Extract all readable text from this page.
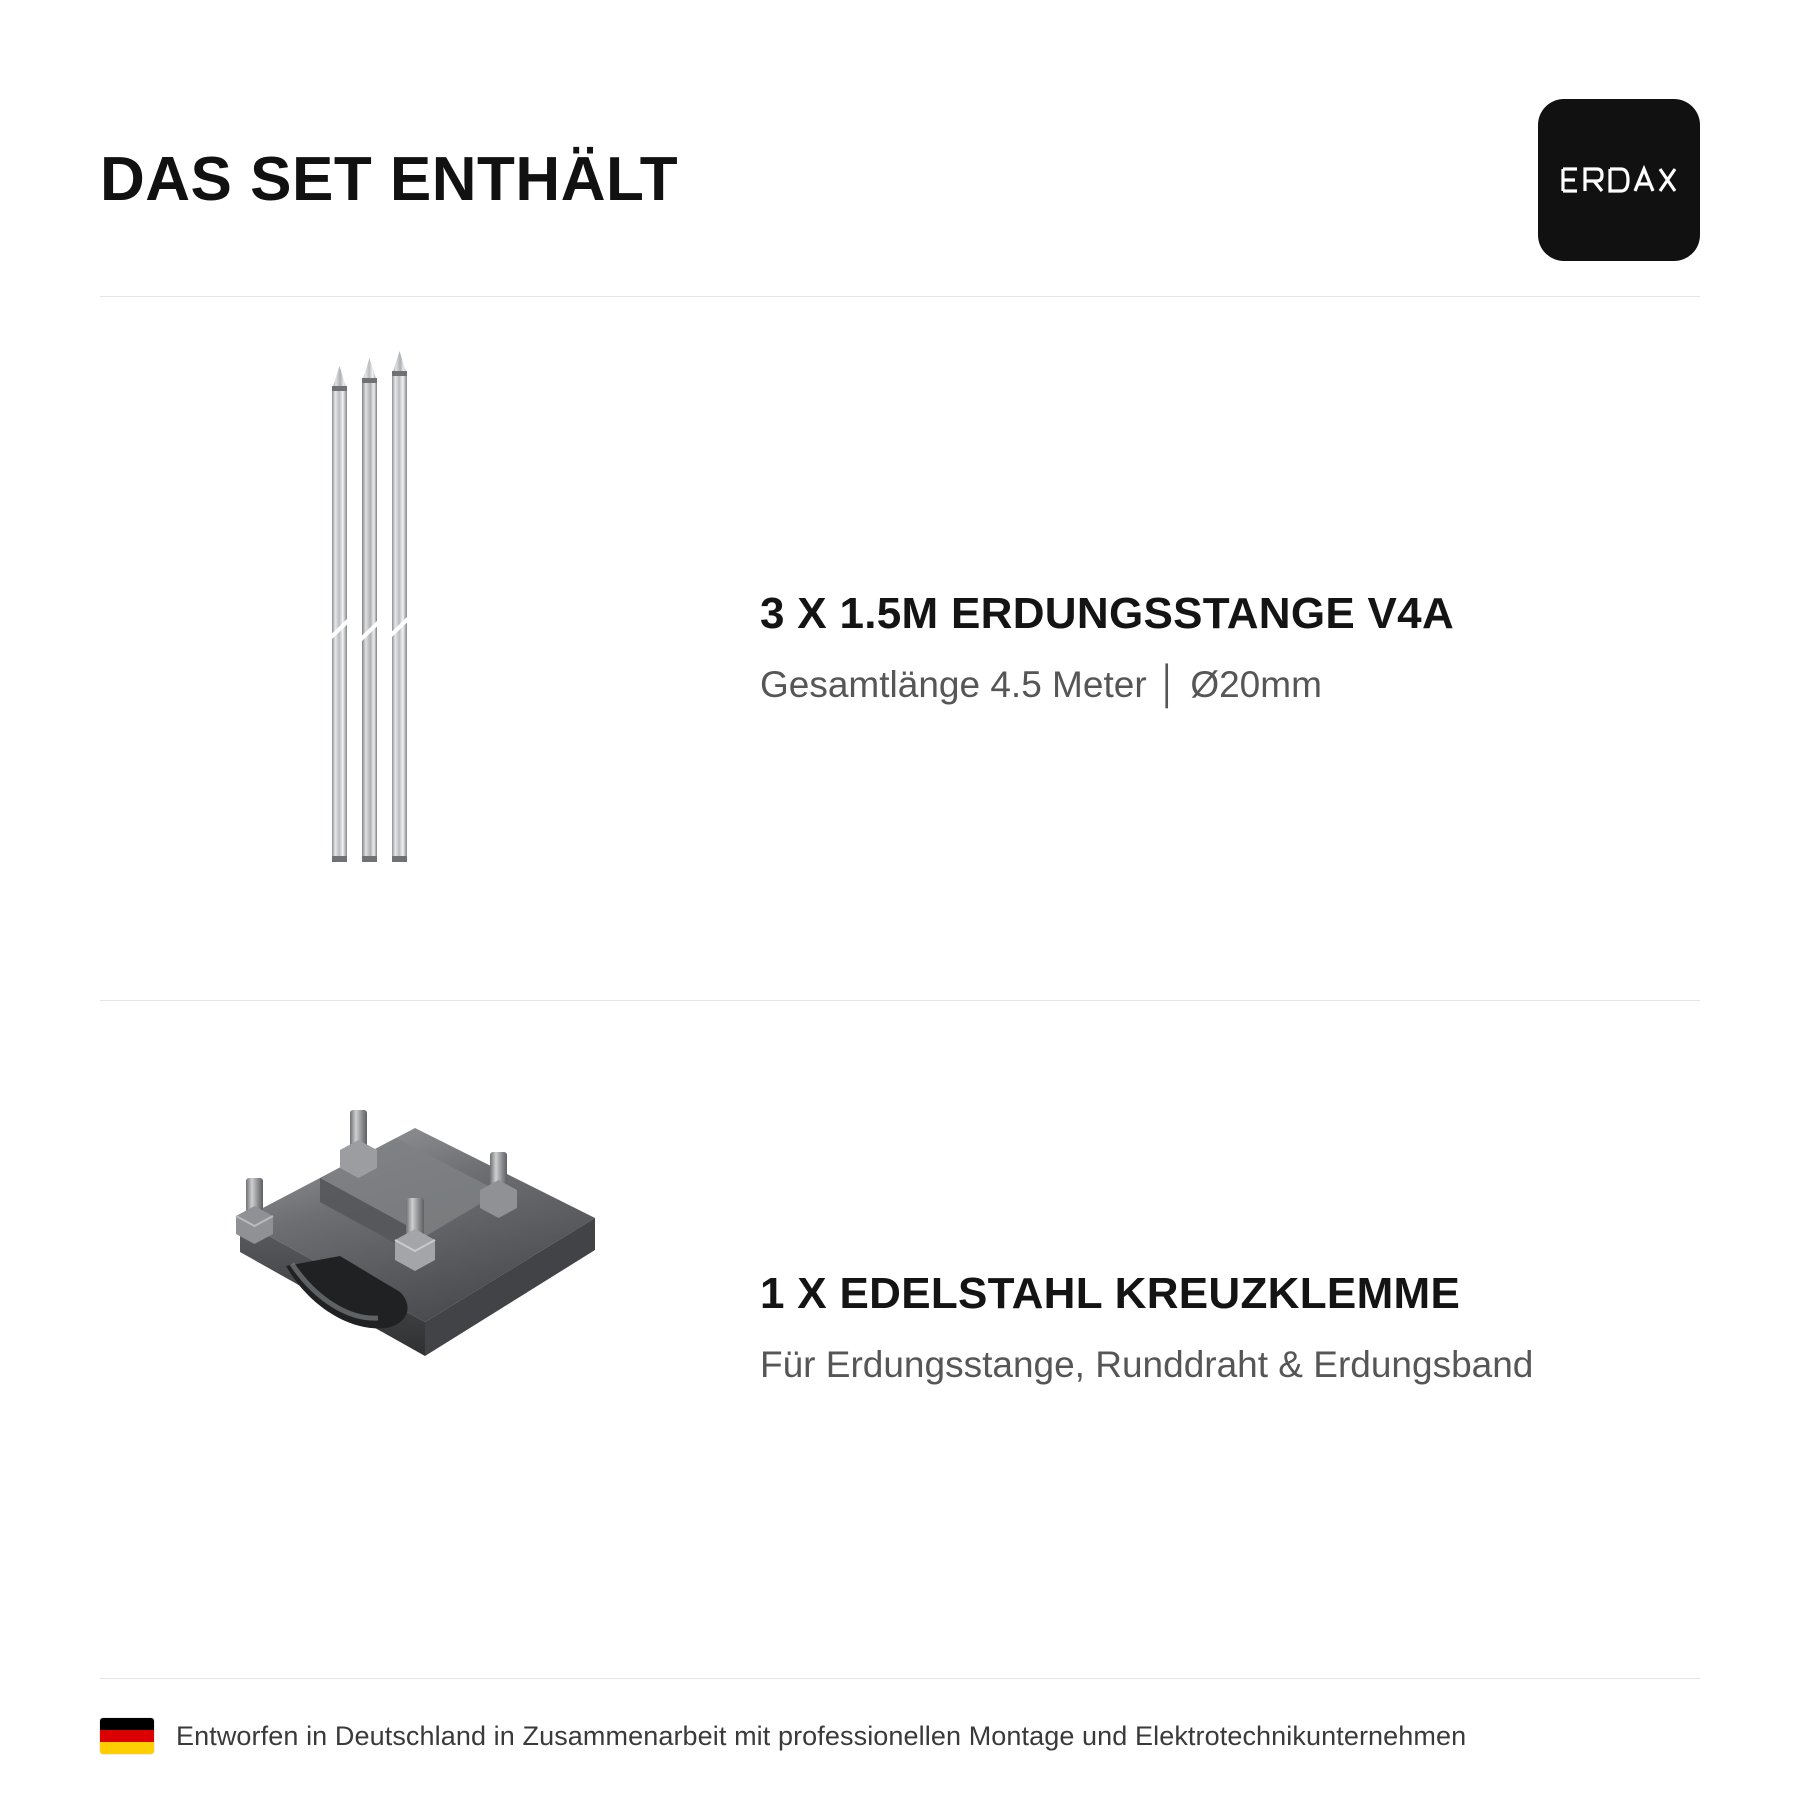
DAS SET ENTHÄLT
3 X 1.5M ERDUNGSSTANGE V4A
Gesamtlänge 4.5 Meter │ Ø20mm
1 X EDELSTAHL KREUZKLEMME
Für Erdungsstange, Runddraht & Erdungsband
Entworfen in Deutschland in Zusammenarbeit mit professionellen Montage und Elektrotechnikunternehmen
